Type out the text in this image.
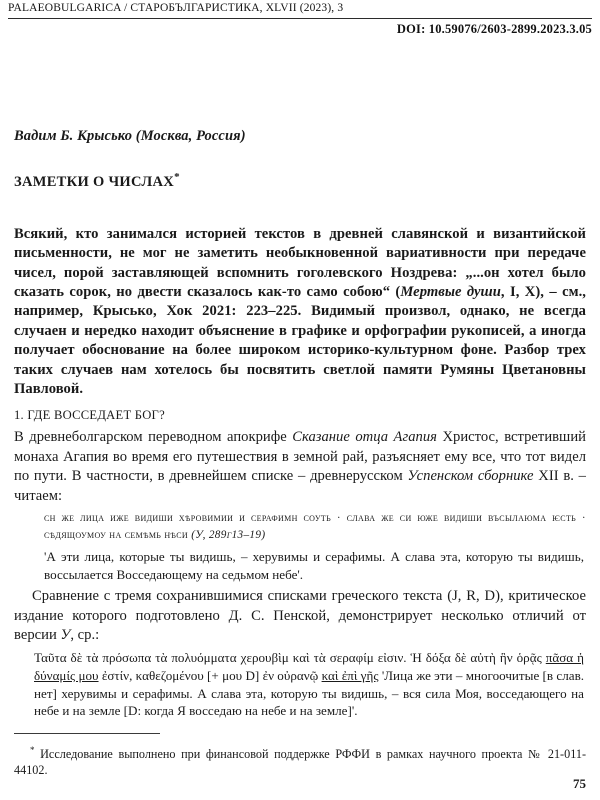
PALAEOBULGARICA / СТАРОБЪЛГАРИСТИКА, XLVII (2023), 3
DOI: 10.59076/2603-2899.2023.3.05
Вадим Б. Крысько (Москва, Россия)
ЗАМЕТКИ О ЧИСЛАХ*

Всякий, кто занимался историей текстов в древней славянской и византийской письменности, не мог не заметить необыкновенной вариативности при передаче чисел, порой заставляющей вспомнить гоголевского Ноздрева: „...он хотел было сказать сорок, но двести сказалось как-то само собою“ (Мертвые души, I, X), – см., например, Крысько, Хок 2021: 223–225. Видимый произвол, однако, не всегда случаен и нередко находит объяснение в графике и орфографии рукописей, а иногда получает обоснование на более широком историко-культурном фоне. Разбор трех таких случаев нам хотелось бы посвятить светлой памяти Румяны Цветановны Павловой.

1. ГДЕ ВОССЕДАЕТ БОГ?

В древнеболгарском переводном апокрифе Сказание отца Агапия Христос, встретивший монаха Агапия во время его путешествия в земной рай, разъясняет ему все, что тот видел по пути. В частности, в древнейшем списке – древнерусском Успенском сборнике XII в. – читаем:

сн же лица иже видиши хѣровимии и серафимн соуть · слава же си юже видиши въсылаюма ѥсть · сѣдящоумоу на семѣмь нѣси (У, 289г13–19)
'А эти лица, которые ты видишь, – херувимы и серафимы. А слава эта, которую ты видишь, восcылается Восседающему на седьмом небе'.

Сравнение с тремя сохранившимися списками греческого текста (J, R, D), критическое издание которого подготовлено Д. С. Пенской, демонстрирует несколько отличий от версии У, ср.:

Ταῦτα δὲ τὰ πρόσωπα τὰ πολυόμματα χερουβὶμ καὶ τὰ σεραφίμ εἰσιν. Ἡ δόξα δὲ αὐτὴ ἣν ὁρᾷς πᾶσα ἡ δύναμίς μου ἐστίν, καθεζομένου [+ μου D] ἐν οὐρανῷ καὶ ἐπὶ γῆς 'Лица же эти – многоочитые [в слав. нет] херувимы и серафимы. А слава эта, которую ты видишь, – вся сила Моя, восседающего на небе и на земле [D: когда Я восседаю на небе и на земле]'.
* Исследование выполнено при финансовой поддержке РФФИ в рамках научного проекта № 21-011-44102.
75
